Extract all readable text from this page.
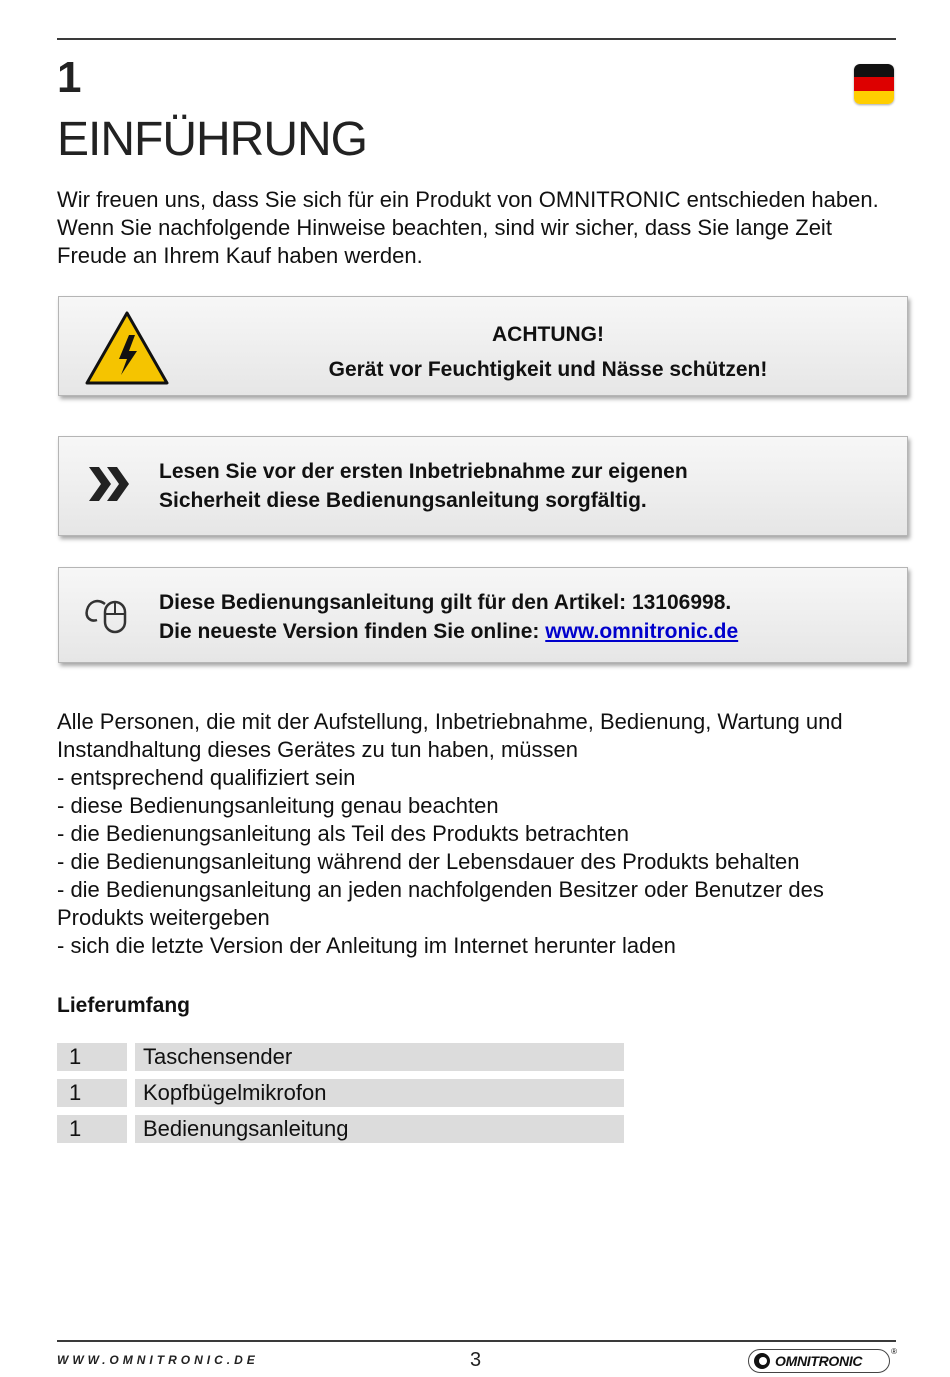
1
EINFÜHRUNG
Wir freuen uns, dass Sie sich für ein Produkt von OMNITRONIC entschieden haben. Wenn Sie nachfolgende Hinweise beachten, sind wir sicher, dass Sie lange Zeit Freude an Ihrem Kauf haben werden.
ACHTUNG!
Gerät vor Feuchtigkeit und Nässe schützen!
Lesen Sie vor der ersten Inbetriebnahme zur eigenen
Sicherheit diese Bedienungsanleitung sorgfältig.
Diese Bedienungsanleitung gilt für den Artikel: 13106998.
Die neueste Version finden Sie online: www.omnitronic.de
Alle Personen, die mit der Aufstellung, Inbetriebnahme, Bedienung, Wartung und Instandhaltung dieses Gerätes zu tun haben, müssen
- entsprechend qualifiziert sein
- diese Bedienungsanleitung genau beachten
- die Bedienungsanleitung als Teil des Produkts betrachten
- die Bedienungsanleitung während der Lebensdauer des Produkts behalten
- die Bedienungsanleitung an jeden nachfolgenden Besitzer oder Benutzer des Produkts weitergeben
- sich die letzte Version der Anleitung im Internet herunter laden
Lieferumfang
1	Taschensender
1	Kopfbügelmikrofon
1	Bedienungsanleitung
WWW.OMNITRONIC.DE	3	OMNITRONIC
®
